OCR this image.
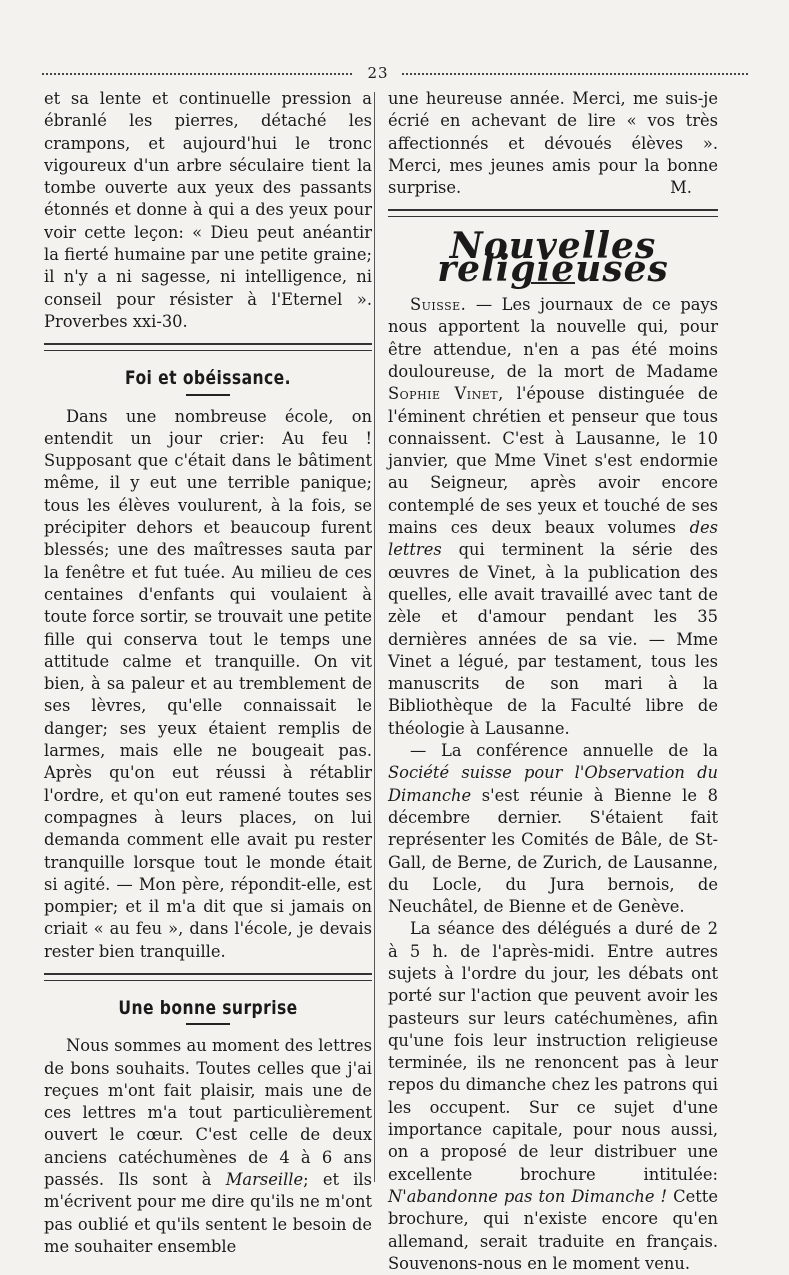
23

et sa lente et continuelle pression a ébranlé les pierres, détaché les crampons, et aujourd'hui le tronc vigoureux d'un arbre séculaire tient la tombe ouverte aux yeux des passants étonnés et donne à qui a des yeux pour voir cette leçon: « Dieu peut anéantir la fierté humaine par une petite graine; il n'y a ni sagesse, ni intelligence, ni conseil pour résister à l'Eternel ». Proverbes xxi-30.

Foi et obéissance.

Dans une nombreuse école, on entendit un jour crier: Au feu ! Supposant que c'était dans le bâtiment même, il y eut une terrible panique; tous les élèves voulurent, à la fois, se précipiter dehors et beaucoup furent blessés; une des maîtresses sauta par la fenêtre et fut tuée. Au milieu de ces centaines d'enfants qui voulaient à toute force sortir, se trouvait une petite fille qui conserva tout le temps une attitude calme et tranquille. On vit bien, à sa paleur et au tremblement de ses lèvres, qu'elle connaissait le danger; ses yeux étaient remplis de larmes, mais elle ne bougeait pas. Après qu'on eut réussi à rétablir l'ordre, et qu'on eut ramené toutes ses compagnes à leurs places, on lui demanda comment elle avait pu rester tranquille lorsque tout le monde était si agité. — Mon père, répondit-elle, est pompier; et il m'a dit que si jamais on criait « au feu », dans l'école, je devais rester bien tranquille.

Une bonne surprise

Nous sommes au moment des lettres de bons souhaits. Toutes celles que j'ai reçues m'ont fait plaisir, mais une de ces lettres m'a tout particulièrement ouvert le cœur. C'est celle de deux anciens catéchumènes de 4 à 6 ans passés. Ils sont à Marseille; et ils m'écrivent pour me dire qu'ils ne m'ont pas oublié et qu'ils sentent le besoin de me souhaiter ensemble

une heureuse année. Merci, me suis-je écrié en achevant de lire « vos très affectionnés et dévoués élèves ». Merci, mes jeunes amis pour la bonne surprise.	M.

Nouvelles religieuses

Suisse. — Les journaux de ce pays nous apportent la nouvelle qui, pour être attendue, n'en a pas été moins douloureuse, de la mort de Madame Sophie Vinet, l'épouse distinguée de l'éminent chrétien et penseur que tous connaissent. C'est à Lausanne, le 10 janvier, que Mme Vinet s'est endormie au Seigneur, après avoir encore contemplé de ses yeux et touché de ses mains ces deux beaux volumes des lettres qui terminent la série des œuvres de Vinet, à la publication des quelles, elle avait travaillé avec tant de zèle et d'amour pendant les 35 dernières années de sa vie. — Mme Vinet a légué, par testament, tous les manuscrits de son mari à la Bibliothèque de la Faculté libre de théologie à Lausanne.

— La conférence annuelle de la Société suisse pour l'Observation du Dimanche s'est réunie à Bienne le 8 décembre dernier. S'étaient fait représenter les Comités de Bâle, de St-Gall, de Berne, de Zurich, de Lausanne, du Locle, du Jura bernois, de Neuchâtel, de Bienne et de Genève.

La séance des délégués a duré de 2 à 5 h. de l'après-midi. Entre autres sujets à l'ordre du jour, les débats ont porté sur l'action que peuvent avoir les pasteurs sur leurs catéchumènes, afin qu'une fois leur instruction religieuse terminée, ils ne renoncent pas à leur repos du dimanche chez les patrons qui les occupent. Sur ce sujet d'une importance capitale, pour nous aussi, on a proposé de leur distribuer une excellente brochure intitulée: N'abandonne pas ton Dimanche ! Cette brochure, qui n'existe encore qu'en allemand, serait traduite en français. Souvenons-nous en le moment venu.
